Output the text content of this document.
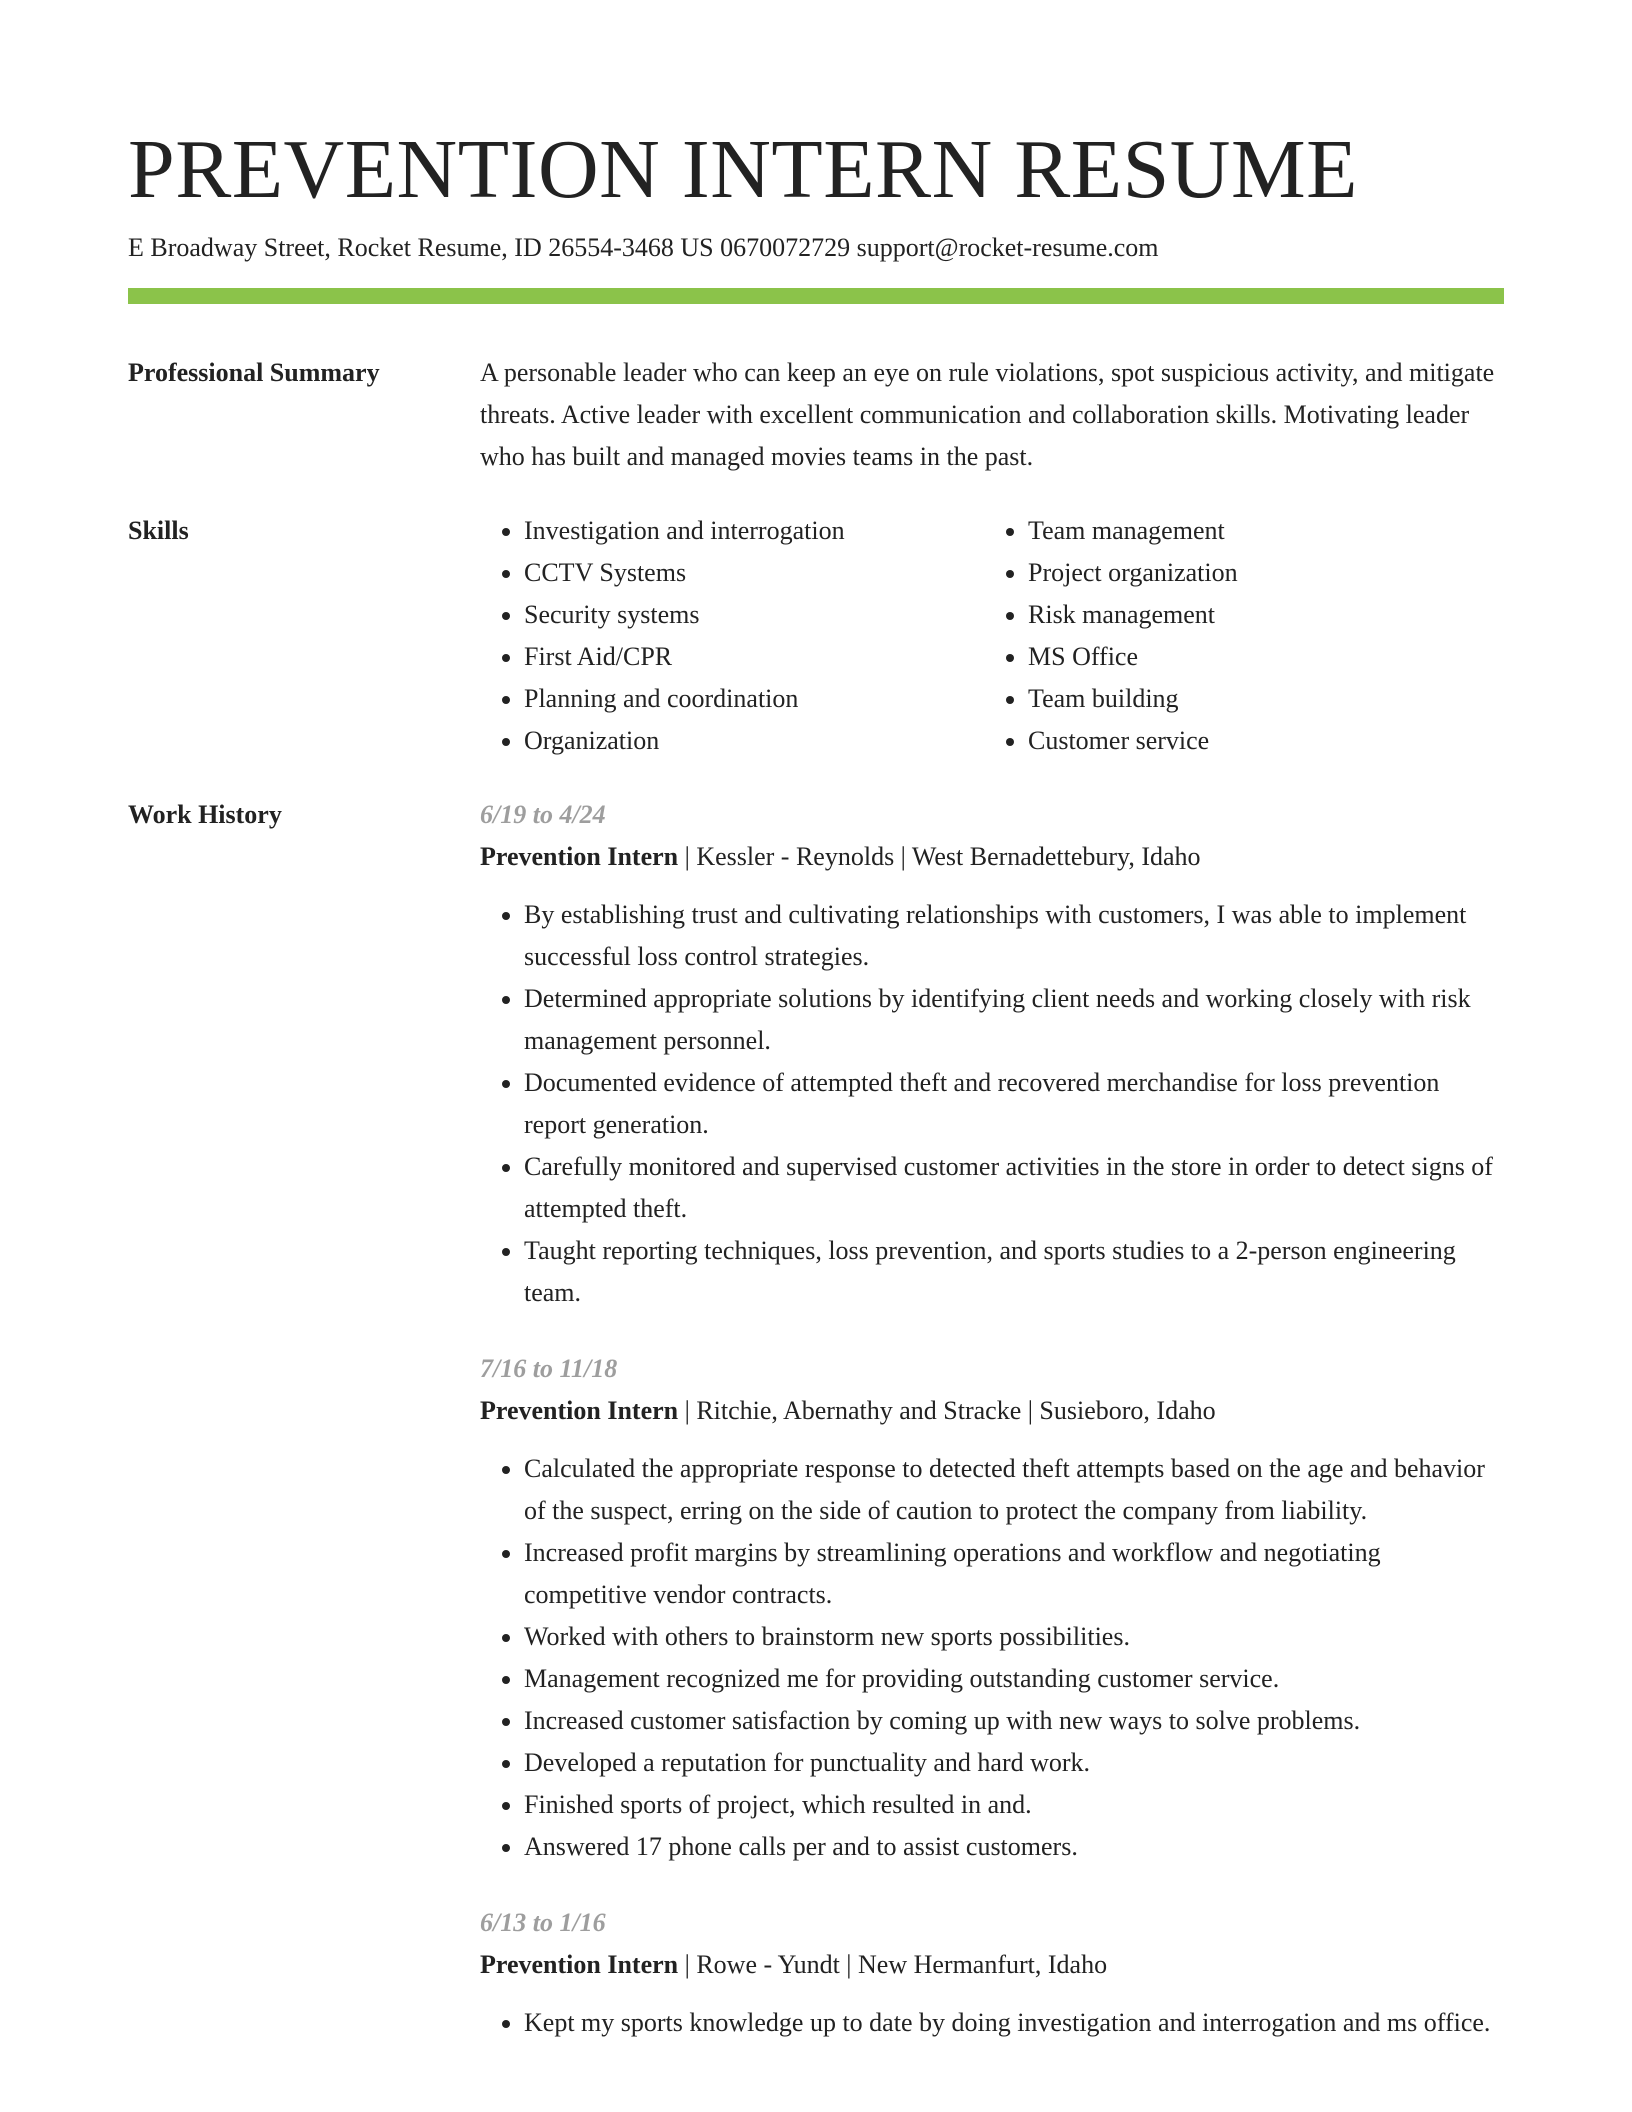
PREVENTION INTERN RESUME
E Broadway Street, Rocket Resume, ID 26554-3468 US 0670072729 support@rocket-resume.com
Professional Summary	A personable leader who can keep an eye on rule violations, spot suspicious activity, and mitigate threats. Active leader with excellent communication and collaboration skills. Motivating leader who has built and managed movies teams in the past.
Skills
•	Investigation and interrogation
• CCTV Systems
• Security systems
• First Aid/CPR
• Planning and coordination
• Organization
• Team management
• Project organization
• Risk management
• MS Office
• Team building
• Customer service
Work History	6/19 to 4/24
Prevention Intern | Kessler - Reynolds | West Bernadettebury, Idaho
• By establishing trust and cultivating relationships with customers, I was able to implement successful loss control strategies.
• Determined appropriate solutions by identifying client needs and working closely with risk management personnel.
• Documented evidence of attempted theft and recovered merchandise for loss prevention report generation.
• Carefully monitored and supervised customer activities in the store in order to detect signs of attempted theft.
• Taught reporting techniques, loss prevention, and sports studies to a 2-person engineering team.
7/16 to 11/18
Prevention Intern | Ritchie, Abernathy and Stracke | Susieboro, Idaho
• Calculated the appropriate response to detected theft attempts based on the age and behavior of the suspect, erring on the side of caution to protect the company from liability.
• Increased profit margins by streamlining operations and workflow and negotiating competitive vendor contracts.
• Worked with others to brainstorm new sports possibilities.
• Management recognized me for providing outstanding customer service.
• Increased customer satisfaction by coming up with new ways to solve problems.
• Developed a reputation for punctuality and hard work.
• Finished sports of project, which resulted in and.
• Answered 17 phone calls per and to assist customers.
6/13 to 1/16
Prevention Intern | Rowe - Yundt | New Hermanfurt, Idaho
• Kept my sports knowledge up to date by doing investigation and interrogation and ms office.
